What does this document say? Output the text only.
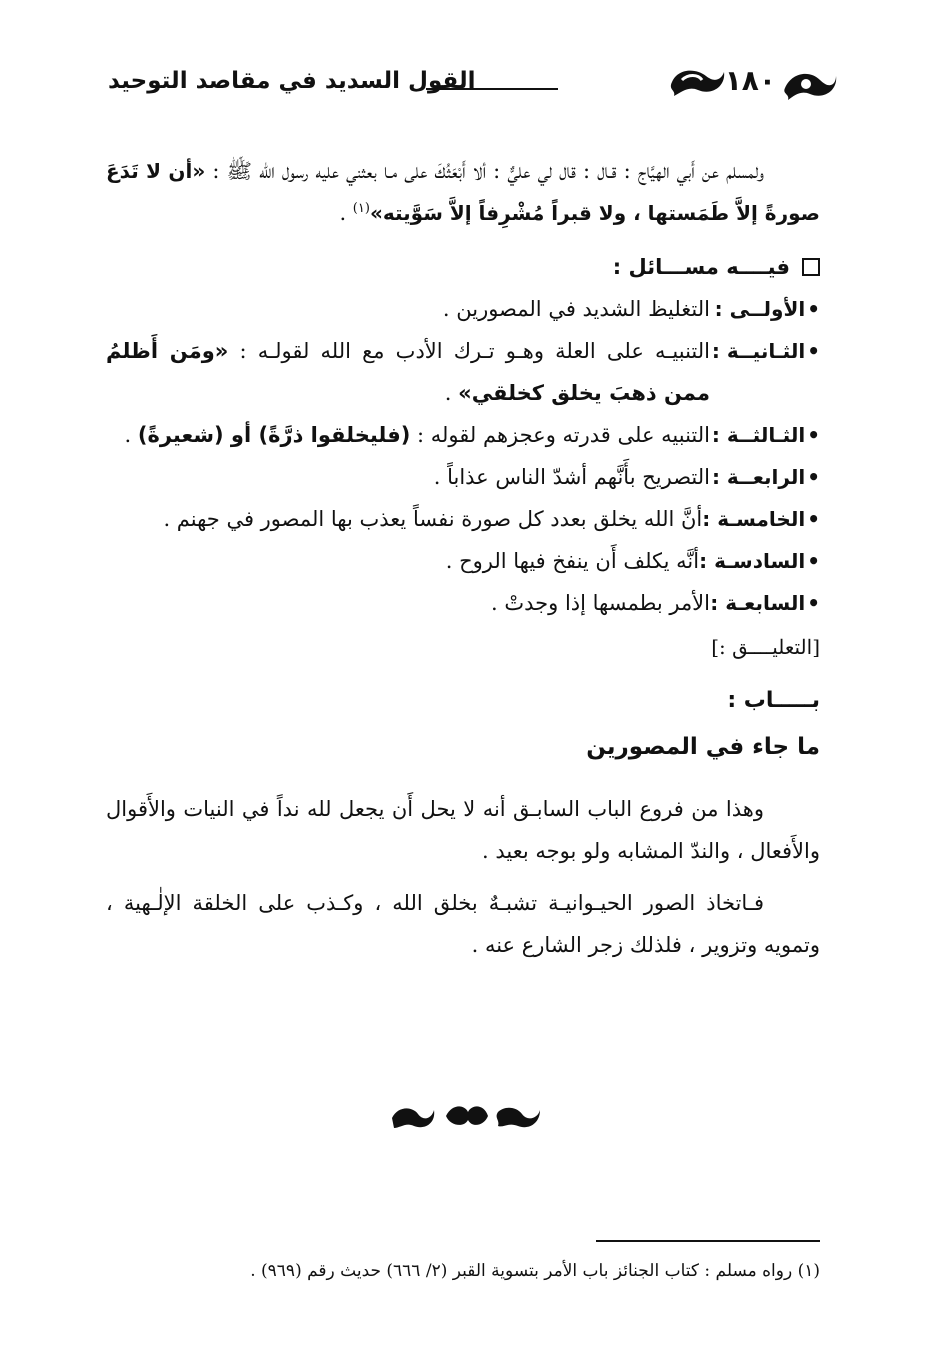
١٨٠
القول السديد في مقاصد التوحيد

ولمسلم عن أَبي الهيَّاج : قـال : قال لي عليٌّ : ألا أَبْعَثُكَ على مـا بعثني عليه رسول الله ﷺ : «أن لا تَدَعَ صورةً إلاَّ طَمَستها ، ولا قبراً مُشْرِفاً إلاَّ سَوَّيته»$^{(١)}$ .

فيــــه مســـائل :
• الأولــى :
التغليظ الشديد في المصورين .
• الثـانيــة :
التنبيـه على العلة وهـو تـرك الأدب مع الله لقولـه : «ومَن أَظلمُ ممن ذهبَ يخلق كخلقي» .
• الثـالثــة :
التنبيه على قدرته وعجزهم لقوله : (فليخلقوا ذرَّةً) أو (شعيرةً) .
• الرابعــة :
التصريح بأَنَّهم أشدّ الناس عذاباً .
• الخامسـة :
أنَّ الله يخلق بعدد كل صورة نفساً يعذب بها المصور في جهنم .
• السادسـة :
أنَّه يكلف أَن ينفخ فيها الروح .
• السابعـة :
الأمر بطمسها إذا وجدتْ .
[التعليــــق :]
بـــــاب :
ما جاء في المصورين

وهذا من فروع الباب السابـق أنه لا يحل أَن يجعل لله نداً في النيات والأَقوال والأَفعال ، والندّ المشابه ولو بوجه بعيد .

فـاتخاذ الصور الحيـوانيـة تشبـهٌ بخلق الله ، وكـذب على الخلقة الإلٰـهية ، وتمويه وتزوير ، فلذلك زجر الشارع عنه .

(١) رواه مسلم : كتاب الجنائز باب الأمر بتسوية القبر (٢/ ٦٦٦) حديث رقم (٩٦٩) .
